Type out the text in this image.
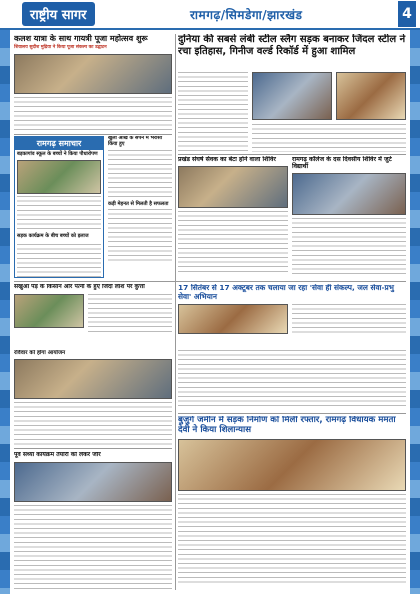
राष्ट्रीय सागर	रामगढ़/सिमडेगा/झारखंड	4
कलश यात्रा के साथ गायत्री पूजा महोत्सव शुरू
शिवालय सुदीश मुद्रिया ने किया पूजा संकल्प का उद्घाटन
दुनिया की सबसे लंबी स्टील स्लैग सड़क बनाकर जिंदल स्टील ने रचा इतिहास, गिनीज वर्ल्ड रिकॉर्ड में हुआ शामिल
रामगढ़ समाचार
बड़कागांव स्कूल के बच्चों ने किया पौधारोपण
सड़क कार्यक्रम के बीच बच्चों को इलाज
खुली आँख के सपने में भरोसा किया हुए
कड़ी मेहनत से मिलती है सफलता
प्रखंड संघर्ष सेवक का बेटा होने वाला शिविर	रामगढ़ कॉलेज के दस दिवसीय शिविर में जुटे विद्यार्थी
सखुआ पेड़ के किसान और पत्नी के हुए जिंदा लाश पर कुत्ता	17 सितंबर से 17 अक्टूबर तक चलाया जा रहा 'सेवा ही संकल्प, जल सेवा-प्रभु सेवा' अभियान
रविवार को होगा आयोजन
पूर्व संध्या कार्यक्रम तैयारी को लेकर जोर
बुजुर्ग जमीन में सड़क निर्माण को मिली रफ्तार, रामगढ़ विधायक ममता देवी ने किया शिलान्यास
